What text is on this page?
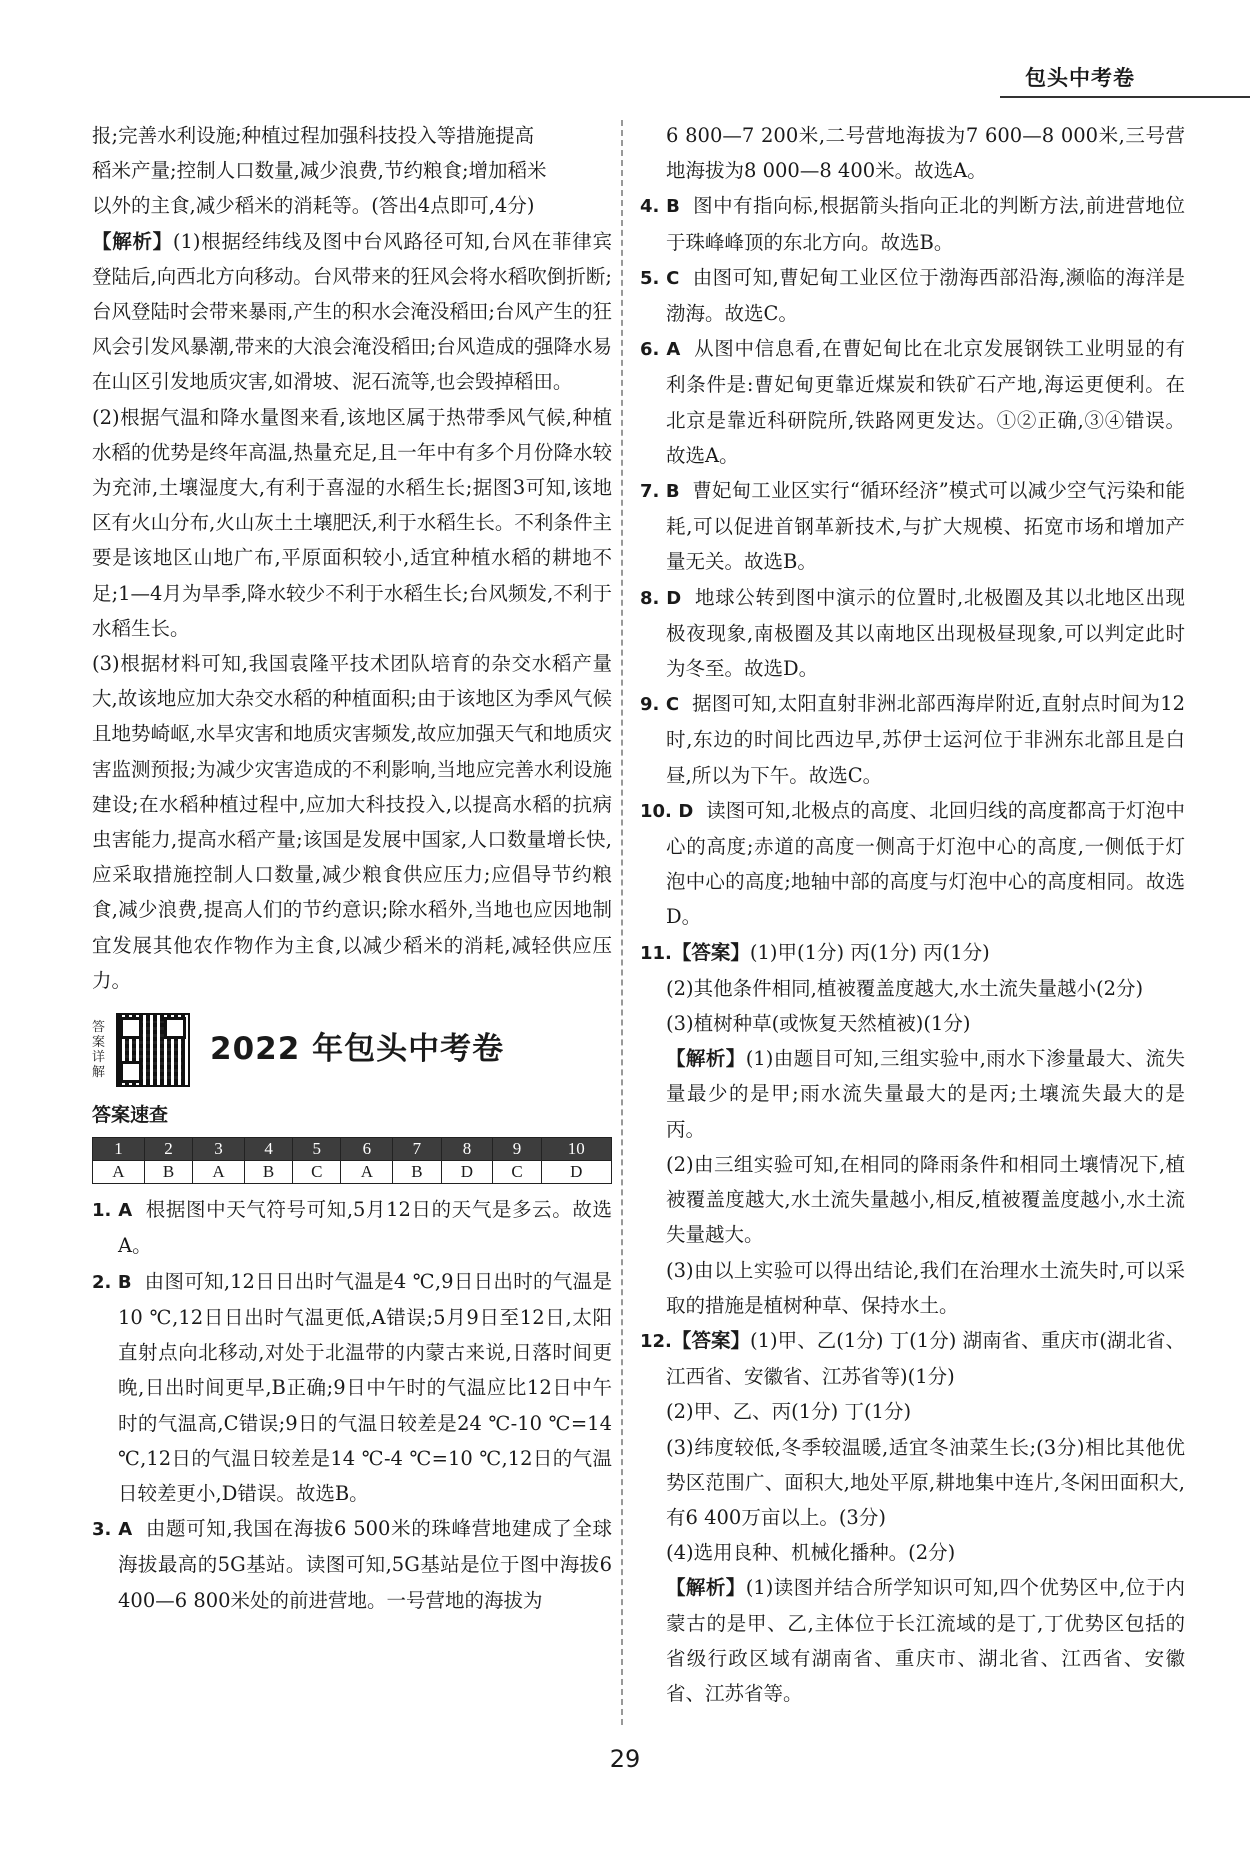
包头中考卷

报;完善水利设施;种植过程加强科技投入等措施提高

稻米产量;控制人口数量,减少浪费,节约粮食;增加稻米

以外的主食,减少稻米的消耗等。(答出4点即可,4分)

【解析】(1)根据经纬线及图中台风路径可知,台风在菲律宾登陆后,向西北方向移动。台风带来的狂风会将水稻吹倒折断;台风登陆时会带来暴雨,产生的积水会淹没稻田;台风产生的狂风会引发风暴潮,带来的大浪会淹没稻田;台风造成的强降水易在山区引发地质灾害,如滑坡、泥石流等,也会毁掉稻田。

(2)根据气温和降水量图来看,该地区属于热带季风气候,种植水稻的优势是终年高温,热量充足,且一年中有多个月份降水较为充沛,土壤湿度大,有利于喜湿的水稻生长;据图3可知,该地区有火山分布,火山灰土土壤肥沃,利于水稻生长。不利条件主要是该地区山地广布,平原面积较小,适宜种植水稻的耕地不足;1—4月为旱季,降水较少不利于水稻生长;台风频发,不利于水稻生长。

(3)根据材料可知,我国袁隆平技术团队培育的杂交水稻产量大,故该地应加大杂交水稻的种植面积;由于该地区为季风气候且地势崎岖,水旱灾害和地质灾害频发,故应加强天气和地质灾害监测预报;为减少灾害造成的不利影响,当地应完善水利设施建设;在水稻种植过程中,应加大科技投入,以提高水稻的抗病虫害能力,提高水稻产量;该国是发展中国家,人口数量增长快,应采取措施控制人口数量,减少粮食供应压力;应倡导节约粮食,减少浪费,提高人们的节约意识;除水稻外,当地也应因地制宜发展其他农作物作为主食,以减少稻米的消耗,减轻供应压力。

答案详解
2022 年包头中考卷
答案速查
1	2	3	4	5	6	7	8	9	10
A	B	A	B	C	A	B	D	C	D

1. A 根据图中天气符号可知,5月12日的天气是多云。故选A。

2. B 由图可知,12日日出时气温是4 ℃,9日日出时的气温是10 ℃,12日日出时气温更低,A错误;5月9日至12日,太阳直射点向北移动,对处于北温带的内蒙古来说,日落时间更晚,日出时间更早,B正确;9日中午时的气温应比12日中午时的气温高,C错误;9日的气温日较差是24 ℃-10 ℃=14 ℃,12日的气温日较差是14 ℃-4 ℃=10 ℃,12日的气温日较差更小,D错误。故选B。

3. A 由题可知,我国在海拔6 500米的珠峰营地建成了全球海拔最高的5G基站。读图可知,5G基站是位于图中海拔6 400—6 800米处的前进营地。一号营地的海拔为

6 800—7 200米,二号营地海拔为7 600—8 000米,三号营地海拔为8 000—8 400米。故选A。

4. B 图中有指向标,根据箭头指向正北的判断方法,前进营地位于珠峰峰顶的东北方向。故选B。

5. C 由图可知,曹妃甸工业区位于渤海西部沿海,濒临的海洋是渤海。故选C。

6. A 从图中信息看,在曹妃甸比在北京发展钢铁工业明显的有利条件是:曹妃甸更靠近煤炭和铁矿石产地,海运更便利。在北京是靠近科研院所,铁路网更发达。①②正确,③④错误。故选A。

7. B 曹妃甸工业区实行“循环经济”模式可以减少空气污染和能耗,可以促进首钢革新技术,与扩大规模、拓宽市场和增加产量无关。故选B。

8. D 地球公转到图中演示的位置时,北极圈及其以北地区出现极夜现象,南极圈及其以南地区出现极昼现象,可以判定此时为冬至。故选D。

9. C 据图可知,太阳直射非洲北部西海岸附近,直射点时间为12时,东边的时间比西边早,苏伊士运河位于非洲东北部且是白昼,所以为下午。故选C。

10. D 读图可知,北极点的高度、北回归线的高度都高于灯泡中心的高度;赤道的高度一侧高于灯泡中心的高度,一侧低于灯泡中心的高度;地轴中部的高度与灯泡中心的高度相同。故选D。

11.【答案】(1)甲(1分) 丙(1分) 丙(1分)

(2)其他条件相同,植被覆盖度越大,水土流失量越小(2分)

(3)植树种草(或恢复天然植被)(1分)

【解析】(1)由题目可知,三组实验中,雨水下渗量最大、流失量最少的是甲;雨水流失量最大的是丙;土壤流失最大的是丙。

(2)由三组实验可知,在相同的降雨条件和相同土壤情况下,植被覆盖度越大,水土流失量越小,相反,植被覆盖度越小,水土流失量越大。

(3)由以上实验可以得出结论,我们在治理水土流失时,可以采取的措施是植树种草、保持水土。

12.【答案】(1)甲、乙(1分) 丁(1分) 湖南省、重庆市(湖北省、江西省、安徽省、江苏省等)(1分)

(2)甲、乙、丙(1分) 丁(1分)

(3)纬度较低,冬季较温暖,适宜冬油菜生长;(3分)相比其他优势区范围广、面积大,地处平原,耕地集中连片,冬闲田面积大,有6 400万亩以上。(3分)

(4)选用良种、机械化播种。(2分)

【解析】(1)读图并结合所学知识可知,四个优势区中,位于内蒙古的是甲、乙,主体位于长江流域的是丁,丁优势区包括的省级行政区域有湖南省、重庆市、湖北省、江西省、安徽省、江苏省等。

29
